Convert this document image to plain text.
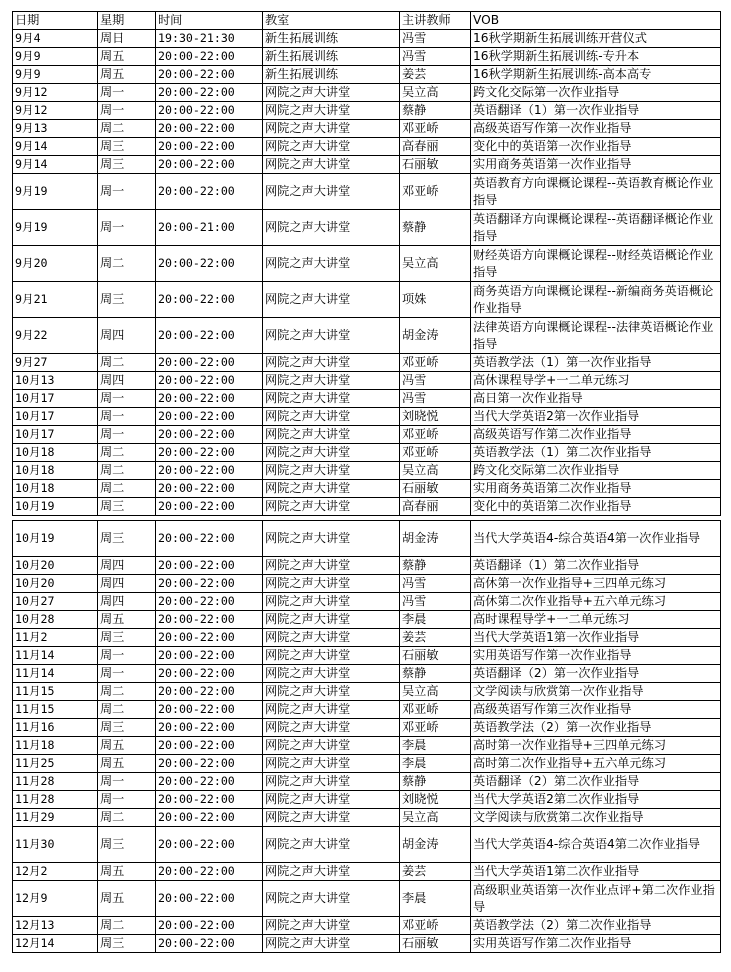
日期	星期	时间	教室	主讲教师	VOB
9月4	周日	19:30-21:30	新生拓展训练	冯雪	16秋学期新生拓展训练开营仪式
9月9	周五	20:00-22:00	新生拓展训练	冯雪	16秋学期新生拓展训练-专升本
9月9	周五	20:00-22:00	新生拓展训练	姜芸	16秋学期新生拓展训练-高本高专
9月12	周一	20:00-22:00	网院之声大讲堂	吴立高	跨文化交际第一次作业指导
9月12	周一	20:00-22:00	网院之声大讲堂	蔡静	英语翻译（1）第一次作业指导
9月13	周二	20:00-22:00	网院之声大讲堂	邓亚峤	高级英语写作第一次作业指导
9月14	周三	20:00-22:00	网院之声大讲堂	高春丽	变化中的英语第一次作业指导
9月14	周三	20:00-22:00	网院之声大讲堂	石丽敏	实用商务英语第一次作业指导
9月19	周一	20:00-22:00	网院之声大讲堂	邓亚峤	英语教育方向课概论课程--英语教育概论作业指导
9月19	周一	20:00-21:00	网院之声大讲堂	蔡静	英语翻译方向课概论课程--英语翻译概论作业指导
9月20	周二	20:00-22:00	网院之声大讲堂	吴立高	财经英语方向课概论课程--财经英语概论作业指导
9月21	周三	20:00-22:00	网院之声大讲堂	项姝	商务英语方向课概论课程--新编商务英语概论作业指导
9月22	周四	20:00-22:00	网院之声大讲堂	胡金涛	法律英语方向课概论课程--法律英语概论作业指导
9月27	周二	20:00-22:00	网院之声大讲堂	邓亚峤	英语教学法（1）第一次作业指导
10月13	周四	20:00-22:00	网院之声大讲堂	冯雪	高休课程导学+一二单元练习
10月17	周一	20:00-22:00	网院之声大讲堂	冯雪	高日第一次作业指导
10月17	周一	20:00-22:00	网院之声大讲堂	刘晓悦	当代大学英语2第一次作业指导
10月17	周一	20:00-22:00	网院之声大讲堂	邓亚峤	高级英语写作第二次作业指导
10月18	周二	20:00-22:00	网院之声大讲堂	邓亚峤	英语教学法（1）第二次作业指导
10月18	周二	20:00-22:00	网院之声大讲堂	吴立高	跨文化交际第二次作业指导
10月18	周二	20:00-22:00	网院之声大讲堂	石丽敏	实用商务英语第二次作业指导
10月19	周三	20:00-22:00	网院之声大讲堂	高春丽	变化中的英语第二次作业指导

10月19	周三	20:00-22:00	网院之声大讲堂	胡金涛	当代大学英语4-综合英语4第一次作业指导
10月20	周四	20:00-22:00	网院之声大讲堂	蔡静	英语翻译（1）第二次作业指导
10月20	周四	20:00-22:00	网院之声大讲堂	冯雪	高休第一次作业指导+三四单元练习
10月27	周四	20:00-22:00	网院之声大讲堂	冯雪	高休第二次作业指导+五六单元练习
10月28	周五	20:00-22:00	网院之声大讲堂	李晨	高时课程导学+一二单元练习
11月2	周三	20:00-22:00	网院之声大讲堂	姜芸	当代大学英语1第一次作业指导
11月14	周一	20:00-22:00	网院之声大讲堂	石丽敏	实用英语写作第一次作业指导
11月14	周一	20:00-22:00	网院之声大讲堂	蔡静	英语翻译（2）第一次作业指导
11月15	周二	20:00-22:00	网院之声大讲堂	吴立高	文学阅读与欣赏第一次作业指导
11月15	周二	20:00-22:00	网院之声大讲堂	邓亚峤	高级英语写作第三次作业指导
11月16	周三	20:00-22:00	网院之声大讲堂	邓亚峤	英语教学法（2）第一次作业指导
11月18	周五	20:00-22:00	网院之声大讲堂	李晨	高时第一次作业指导+三四单元练习
11月25	周五	20:00-22:00	网院之声大讲堂	李晨	高时第二次作业指导+五六单元练习
11月28	周一	20:00-22:00	网院之声大讲堂	蔡静	英语翻译（2）第二次作业指导
11月28	周一	20:00-22:00	网院之声大讲堂	刘晓悦	当代大学英语2第二次作业指导
11月29	周二	20:00-22:00	网院之声大讲堂	吴立高	文学阅读与欣赏第二次作业指导
11月30	周三	20:00-22:00	网院之声大讲堂	胡金涛	当代大学英语4-综合英语4第二次作业指导
12月2	周五	20:00-22:00	网院之声大讲堂	姜芸	当代大学英语1第二次作业指导
12月9	周五	20:00-22:00	网院之声大讲堂	李晨	高级职业英语第一次作业点评+第二次作业指导
12月13	周二	20:00-22:00	网院之声大讲堂	邓亚峤	英语教学法（2）第二次作业指导
12月14	周三	20:00-22:00	网院之声大讲堂	石丽敏	实用英语写作第二次作业指导
